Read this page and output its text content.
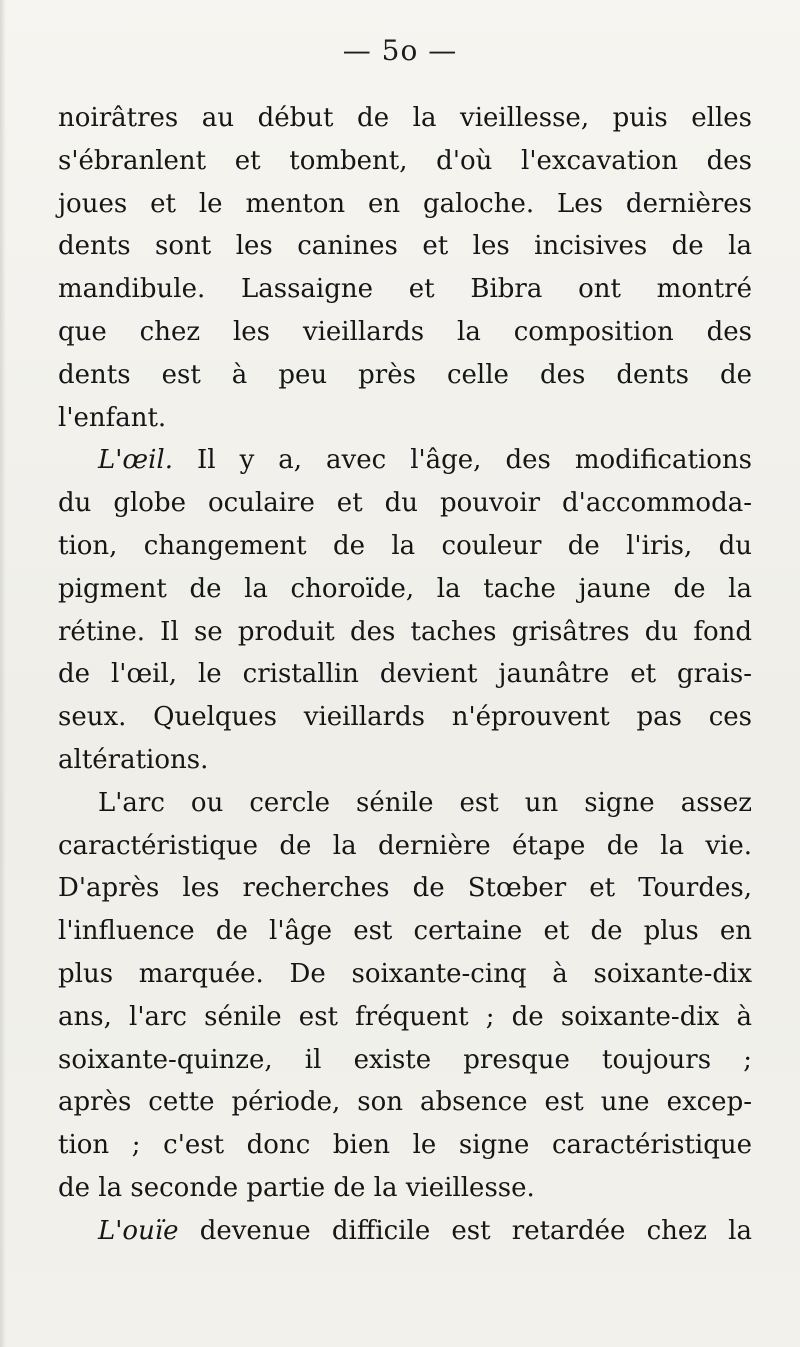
— 5o —
noirâtres au début de la vieillesse, puis elles
s'ébranlent et tombent, d'où l'excavation des
joues et le menton en galoche. Les dernières
dents sont les canines et les incisives de la
mandibule. Lassaigne et Bibra ont montré
que chez les vieillards la composition des
dents est à peu près celle des dents de
l'enfant.
L'œil. Il y a, avec l'âge, des modifications
du globe oculaire et du pouvoir d'accommoda-
tion, changement de la couleur de l'iris, du
pigment de la choroïde, la tache jaune de la
rétine. Il se produit des taches grisâtres du fond
de l'œil, le cristallin devient jaunâtre et grais-
seux. Quelques vieillards n'éprouvent pas ces
altérations.
L'arc ou cercle sénile est un signe assez
caractéristique de la dernière étape de la vie.
D'après les recherches de Stœber et Tourdes,
l'influence de l'âge est certaine et de plus en
plus marquée. De soixante-cinq à soixante-dix
ans, l'arc sénile est fréquent ; de soixante-dix à
soixante-quinze, il existe presque toujours ;
après cette période, son absence est une excep-
tion ; c'est donc bien le signe caractéristique
de la seconde partie de la vieillesse.
L'ouïe devenue difficile est retardée chez la
